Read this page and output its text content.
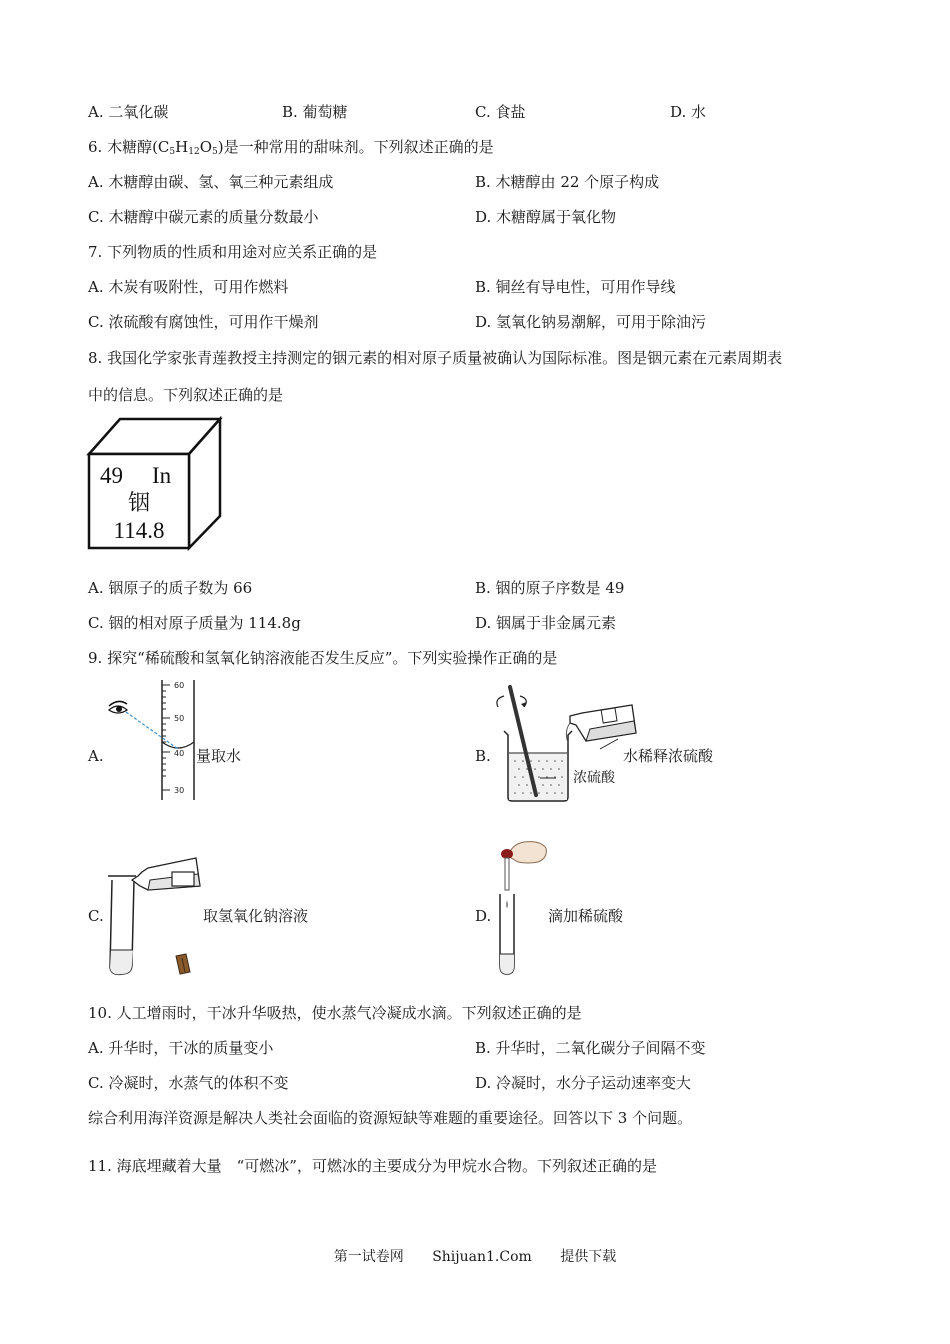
A. 二氧化碳	B. 葡萄糖	C. 食盐	D. 水
6. 木糖醇$(C_5H_{12}O_5)$是一种常用的甜味剂。下列叙述正确的是
A. 木糖醇由碳、氢、氧三种元素组成	B. 木糖醇由 22 个原子构成
C. 木糖醇中碳元素的质量分数最小	D. 木糖醇属于氧化物
7. 下列物质的性质和用途对应关系正确的是
A. 木炭有吸附性，可用作燃料	B. 铜丝有导电性，可用作导线
C. 浓硫酸有腐蚀性，可用作干燥剂	D. 氢氧化钠易潮解，可用于除油污
8. 我国化学家张青莲教授主持测定的铟元素的相对原子质量被确认为国际标准。图是铟元素在元素周期表
中的信息。下列叙述正确的是
49 In
铟
114.8
A. 铟原子的质子数为 66	B. 铟的原子序数是 49
C. 铟的相对原子质量为 114.8g	D. 铟属于非金属元素
9. 探究“稀硫酸和氢氧化钠溶液能否发生反应”。下列实验操作正确的是
A.
60
50
40
30
量取水	B.	水稀释浓硫酸
浓硫酸
C.	取氢氧化钠溶液	D.	滴加稀硫酸
10. 人工增雨时，干冰升华吸热，使水蒸气冷凝成水滴。下列叙述正确的是
A. 升华时，干冰的质量变小	B. 升华时，二氧化碳分子间隔不变
C. 冷凝时，水蒸气的体积不变	D. 冷凝时，水分子运动速率变大
综合利用海洋资源是解决人类社会面临的资源短缺等难题的重要途径。回答以下 3 个问题。
11. 海底埋藏着大量　“可燃冰”，可燃冰的主要成分为甲烷水合物。下列叙述正确的是
第一试卷网 Shijuan1.Com 提供下载
